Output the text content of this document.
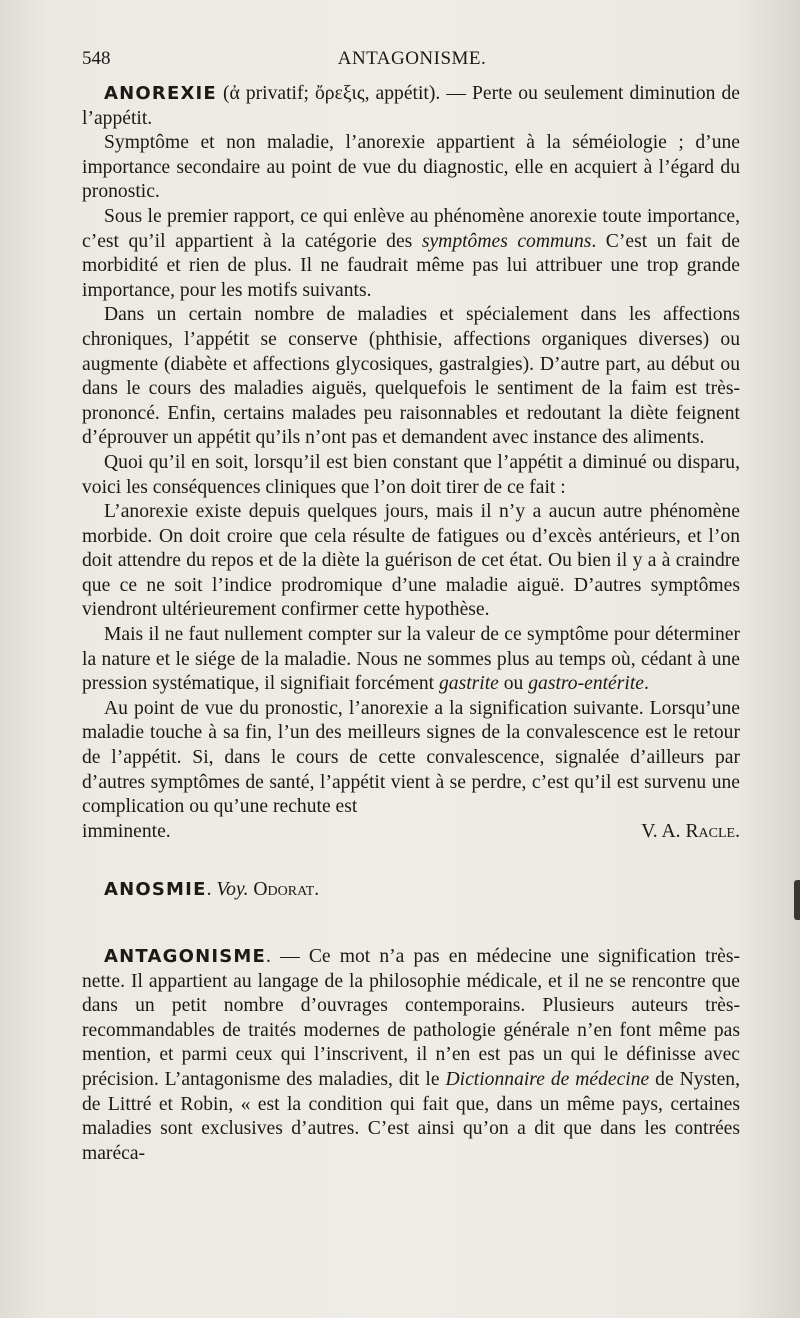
548	ANTAGONISME.

ANOREXIE (ἀ privatif; ὄρεξις, appétit). — Perte ou seulement diminution de l’appétit.

Symptôme et non maladie, l’anorexie appartient à la séméiologie ; d’une importance secondaire au point de vue du diagnostic, elle en acquiert à l’égard du pronostic.

Sous le premier rapport, ce qui enlève au phénomène anorexie toute importance, c’est qu’il appartient à la catégorie des symptômes communs. C’est un fait de morbidité et rien de plus. Il ne faudrait même pas lui attribuer une trop grande importance, pour les motifs suivants.

Dans un certain nombre de maladies et spécialement dans les affections chroniques, l’appétit se conserve (phthisie, affections organiques diverses) ou augmente (diabète et affections glycosiques, gastralgies). D’autre part, au début ou dans le cours des maladies aiguës, quelquefois le sentiment de la faim est très-prononcé. Enfin, certains malades peu raisonnables et redoutant la diète feignent d’éprouver un appétit qu’ils n’ont pas et demandent avec instance des aliments.

Quoi qu’il en soit, lorsqu’il est bien constant que l’appétit a diminué ou disparu, voici les conséquences cliniques que l’on doit tirer de ce fait :

L’anorexie existe depuis quelques jours, mais il n’y a aucun autre phénomène morbide. On doit croire que cela résulte de fatigues ou d’excès antérieurs, et l’on doit attendre du repos et de la diète la guérison de cet état. Ou bien il y a à craindre que ce ne soit l’indice prodromique d’une maladie aiguë. D’autres symptômes viendront ultérieurement confirmer cette hypothèse.

Mais il ne faut nullement compter sur la valeur de ce symptôme pour déterminer la nature et le siége de la maladie. Nous ne sommes plus au temps où, cédant à une pression systématique, il signifiait forcément gastrite ou gastro-entérite.

Au point de vue du pronostic, l’anorexie a la signification suivante. Lorsqu’une maladie touche à sa fin, l’un des meilleurs signes de la convalescence est le retour de l’appétit. Si, dans le cours de cette convalescence, signalée d’ailleurs par d’autres symptômes de santé, l’appétit vient à se perdre, c’est qu’il est survenu une complication ou qu’une rechute est

imminente.	V. A. Racle.

ANOSMIE. Voy. Odorat.

ANTAGONISME. — Ce mot n’a pas en médecine une signification très-nette. Il appartient au langage de la philosophie médicale, et il ne se rencontre que dans un petit nombre d’ouvrages contemporains. Plusieurs auteurs très-recommandables de traités modernes de pathologie générale n’en font même pas mention, et parmi ceux qui l’inscrivent, il n’en est pas un qui le définisse avec précision. L’antagonisme des maladies, dit le Dictionnaire de médecine de Nysten, de Littré et Robin, « est la condition qui fait que, dans un même pays, certaines maladies sont exclusives d’autres. C’est ainsi qu’on a dit que dans les contrées maréca-
